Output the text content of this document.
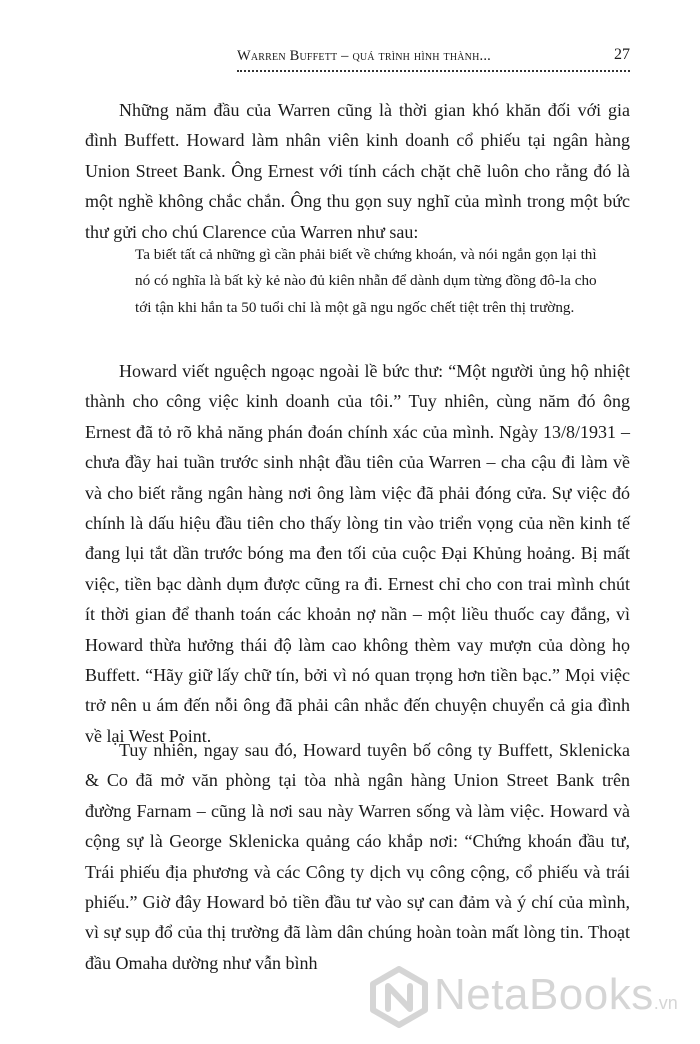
Warren Buffett – quá trình hình thành...	27

Những năm đầu của Warren cũng là thời gian khó khăn đối với gia đình Buffett. Howard làm nhân viên kinh doanh cổ phiếu tại ngân hàng Union Street Bank. Ông Ernest với tính cách chặt chẽ luôn cho rằng đó là một nghề không chắc chắn. Ông thu gọn suy nghĩ của mình trong một bức thư gửi cho chú Clarence của Warren như sau:

Ta biết tất cả những gì cần phải biết về chứng khoán, và nói ngắn gọn lại thì nó có nghĩa là bất kỳ kẻ nào đủ kiên nhẫn để dành dụm từng đồng đô-la cho tới tận khi hắn ta 50 tuổi chỉ là một gã ngu ngốc chết tiệt trên thị trường.

Howard viết nguệch ngoạc ngoài lề bức thư: “Một người ủng hộ nhiệt thành cho công việc kinh doanh của tôi.” Tuy nhiên, cùng năm đó ông Ernest đã tỏ rõ khả năng phán đoán chính xác của mình. Ngày 13/8/1931 – chưa đầy hai tuần trước sinh nhật đầu tiên của Warren – cha cậu đi làm về và cho biết rằng ngân hàng nơi ông làm việc đã phải đóng cửa. Sự việc đó chính là dấu hiệu đầu tiên cho thấy lòng tin vào triển vọng của nền kinh tế đang lụi tắt dần trước bóng ma đen tối của cuộc Đại Khủng hoảng. Bị mất việc, tiền bạc dành dụm được cũng ra đi. Ernest chỉ cho con trai mình chút ít thời gian để thanh toán các khoản nợ nần – một liều thuốc cay đắng, vì Howard thừa hưởng thái độ làm cao không thèm vay mượn của dòng họ Buffett. “Hãy giữ lấy chữ tín, bởi vì nó quan trọng hơn tiền bạc.” Mọi việc trở nên u ám đến nỗi ông đã phải cân nhắc đến chuyện chuyển cả gia đình về lại West Point.

Tuy nhiên, ngay sau đó, Howard tuyên bố công ty Buffett, Sklenicka & Co đã mở văn phòng tại tòa nhà ngân hàng Union Street Bank trên đường Farnam – cũng là nơi sau này Warren sống và làm việc. Howard và cộng sự là George Sklenicka quảng cáo khắp nơi: “Chứng khoán đầu tư, Trái phiếu địa phương và các Công ty dịch vụ công cộng, cổ phiếu và trái phiếu.” Giờ đây Howard bỏ tiền đầu tư vào sự can đảm và ý chí của mình, vì sự sụp đổ của thị trường đã làm dân chúng hoàn toàn mất lòng tin. Thoạt đầu Omaha dường như vẫn bình

NetaBooks.vn
